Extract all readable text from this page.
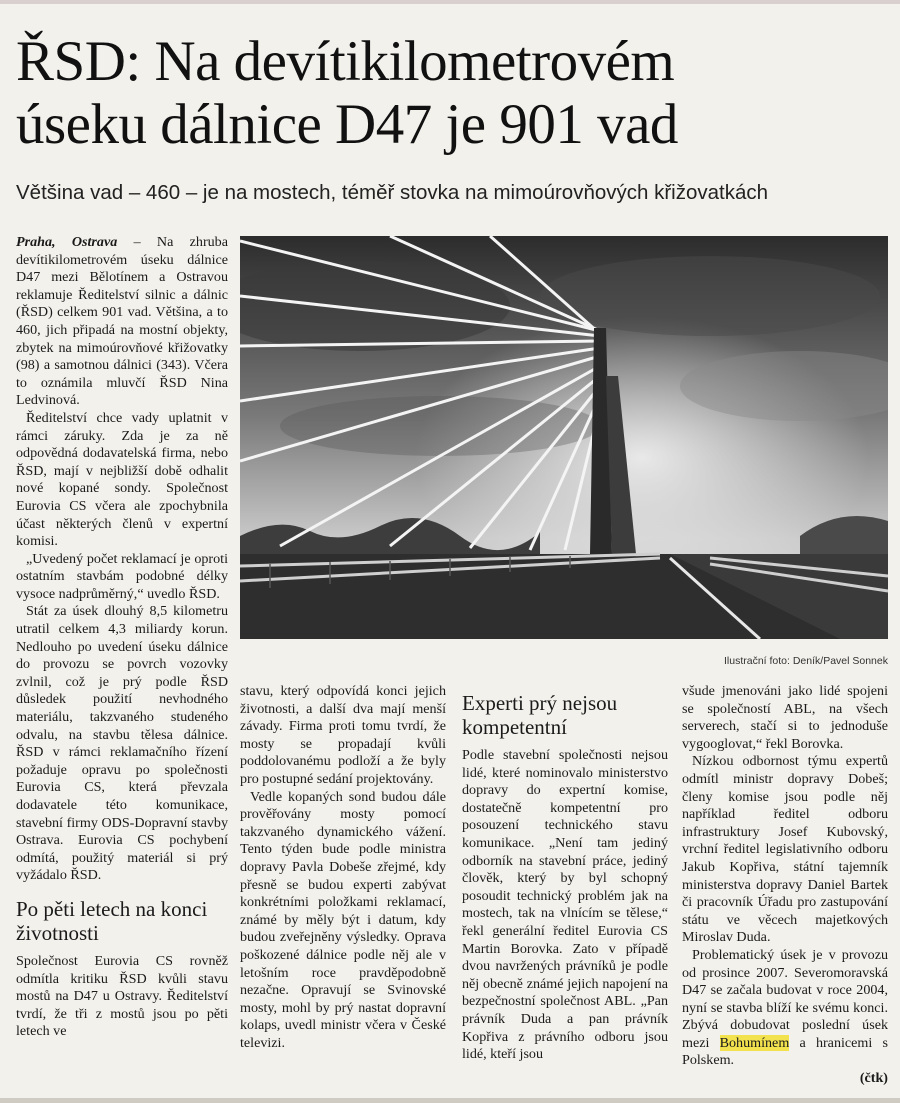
ŘSD: Na devítikilometrovém
úseku dálnice D47 je 901 vad
Většina vad – 460 – je na mostech, téměř stovka na mimoúrovňových křižovatkách

Praha, Ostrava – Na zhruba devítikilometrovém úseku dálnice D47 mezi Bělotínem a Ostravou reklamuje Ředitelství silnic a dálnic (ŘSD) celkem 901 vad. Většina, a to 460, jich připadá na mostní objekty, zbytek na mimoúrovňové křižovatky (98) a samotnou dálnici (343). Včera to oznámila mluvčí ŘSD Nina Ledvinová.

Ředitelství chce vady uplatnit v rámci záruky. Zda je za ně odpovědná dodavatelská firma, nebo ŘSD, mají v nejbližší době odhalit nové kopané sondy. Společnost Eurovia CS včera ale zpochybnila účast některých členů v expertní komisi.

„Uvedený počet reklamací je oproti ostatním stavbám podobné délky vysoce nadprůměrný,“ uvedlo ŘSD.

Stát za úsek dlouhý 8,5 kilometru utratil celkem 4,3 miliardy korun. Nedlouho po uvedení úseku dálnice do provozu se povrch vozovky zvlnil, což je prý podle ŘSD důsledek použití nevhodného materiálu, takzvaného studeného odvalu, na stavbu tělesa dálnice. ŘSD v rámci reklamačního řízení požaduje opravu po společnosti Eurovia CS, která převzala dodavatele této komunikace, stavební firmy ODS-Dopravní stavby Ostrava. Eurovia CS pochybení odmítá, použitý materiál si prý vyžádalo ŘSD.

Po pěti letech na konci životnosti

Společnost Eurovia CS rovněž odmítla kritiku ŘSD kvůli stavu mostů na D47 u Ostravy. Ředitelství tvrdí, že tři z mostů jsou po pěti letech ve

Ilustrační foto: Deník/Pavel Sonnek

stavu, který odpovídá konci jejich životnosti, a další dva mají menší závady. Firma proti tomu tvrdí, že mosty se propadají kvůli poddolovanému podloží a že byly pro postupné sedání projektovány.

Vedle kopaných sond budou dále prověřovány mosty pomocí takzvaného dynamického vážení. Tento týden bude podle ministra dopravy Pavla Dobeše zřejmé, kdy přesně se budou experti zabývat konkrétními položkami reklamací, známé by měly být i datum, kdy budou zveřejněny výsledky. Oprava poškozené dálnice podle něj ale v letošním roce pravděpodobně nezačne. Opravují se Svinovské mosty, mohl by prý nastat dopravní kolaps, uvedl ministr včera v České televizi.

Experti prý nejsou kompetentní

Podle stavební společnosti nejsou lidé, které nominovalo ministerstvo dopravy do expertní komise, dostatečně kompetentní pro posouzení technického stavu komunikace. „Není tam jediný odborník na stavební práce, jediný člověk, který by byl schopný posoudit technický problém jak na mostech, tak na vlnícím se tělese,“ řekl generální ředitel Eurovia CS Martin Borovka. Zato v případě dvou navržených právníků je podle něj obecně známé jejich napojení na bezpečnostní společnost ABL. „Pan právník Duda a pan právník Kopřiva z právního odboru jsou lidé, kteří jsou

všude jmenováni jako lidé spojeni se společností ABL, na všech serverech, stačí si to jednoduše vygooglovat,“ řekl Borovka.

Nízkou odbornost týmu expertů odmítl ministr dopravy Dobeš; členy komise jsou podle něj například ředitel odboru infrastruktury Josef Kubovský, vrchní ředitel legislativního odboru Jakub Kopřiva, státní tajemník ministerstva dopravy Daniel Bartek či pracovník Úřadu pro zastupování státu ve věcech majetkových Miroslav Duda.

Problematický úsek je v provozu od prosince 2007. Severomoravská D47 se začala budovat v roce 2004, nyní se stavba blíží ke svému konci. Zbývá dobudovat poslední úsek mezi Bohumínem a hranicemi s Polskem.

(čtk)
